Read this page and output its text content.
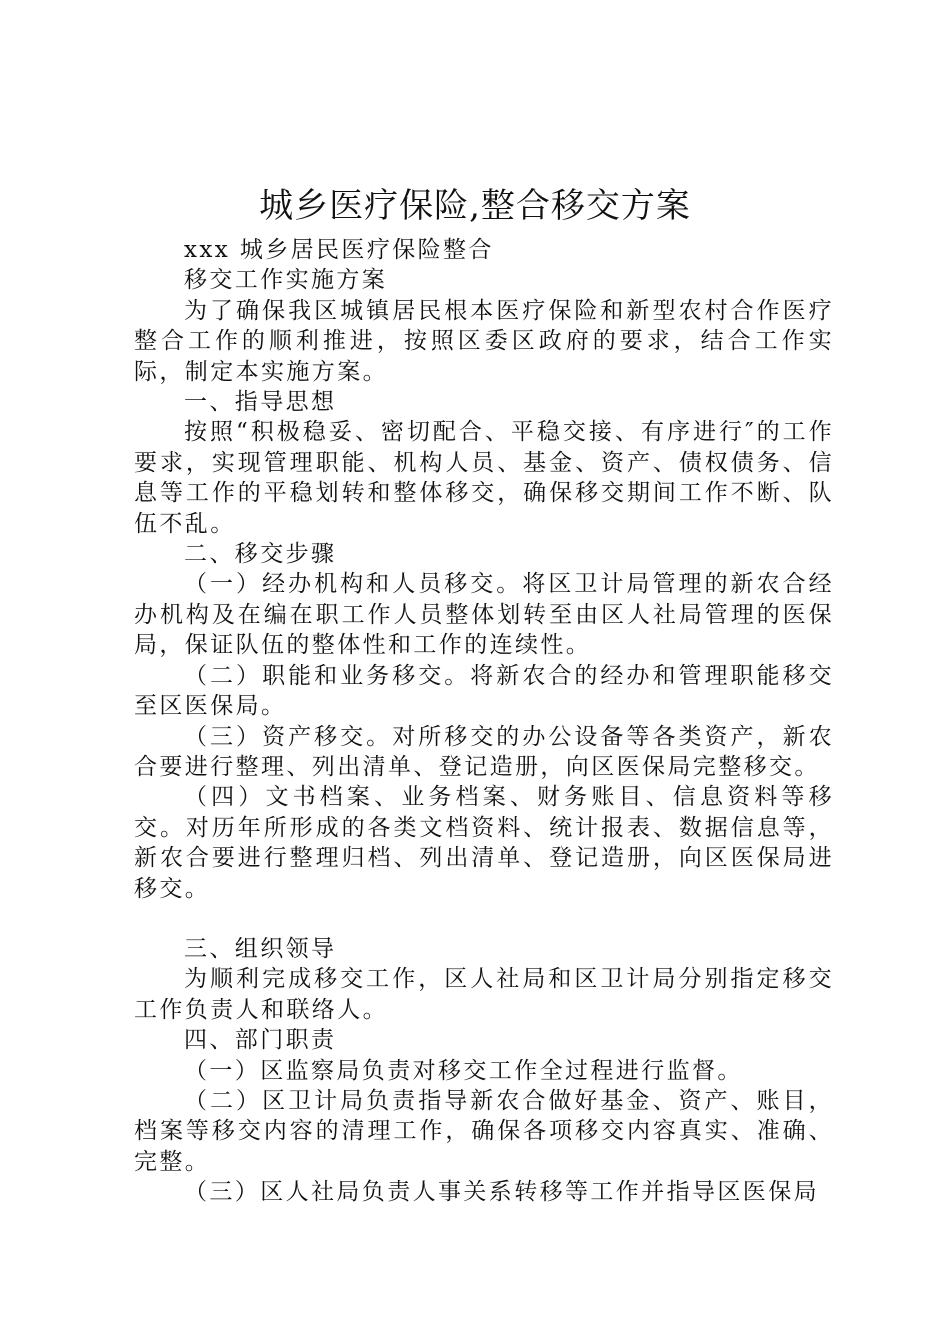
城乡医疗保险,整合移交方案

xxx 城乡居民医疗保险整合

移交工作实施方案

为了确保我区城镇居民根本医疗保险和新型农村合作医疗整合工作的顺利推进，按照区委区政府的要求，结合工作实际，制定本实施方案。

一、指导思想

按照“积极稳妥、密切配合、平稳交接、有序进行″的工作要求，实现管理职能、机构人员、基金、资产、债权债务、信息等工作的平稳划转和整体移交，确保移交期间工作不断、队伍不乱。

二、移交步骤

（一）经办机构和人员移交。将区卫计局管理的新农合经办机构及在编在职工作人员整体划转至由区人社局管理的医保局，保证队伍的整体性和工作的连续性。

（二）职能和业务移交。将新农合的经办和管理职能移交至区医保局。

（三）资产移交。对所移交的办公设备等各类资产，新农合要进行整理、列出清单、登记造册，向区医保局完整移交。

（四）文书档案、业务档案、财务账目、信息资料等移交。对历年所形成的各类文档资料、统计报表、数据信息等，新农合要进行整理归档、列出清单、登记造册，向区医保局进移交。

三、组织领导

为顺利完成移交工作，区人社局和区卫计局分别指定移交工作负责人和联络人。

四、部门职责

（一）区监察局负责对移交工作全过程进行监督。

（二）区卫计局负责指导新农合做好基金、资产、账目，档案等移交内容的清理工作，确保各项移交内容真实、准确、完整。

（三）区人社局负责人事关系转移等工作并指导区医保局
